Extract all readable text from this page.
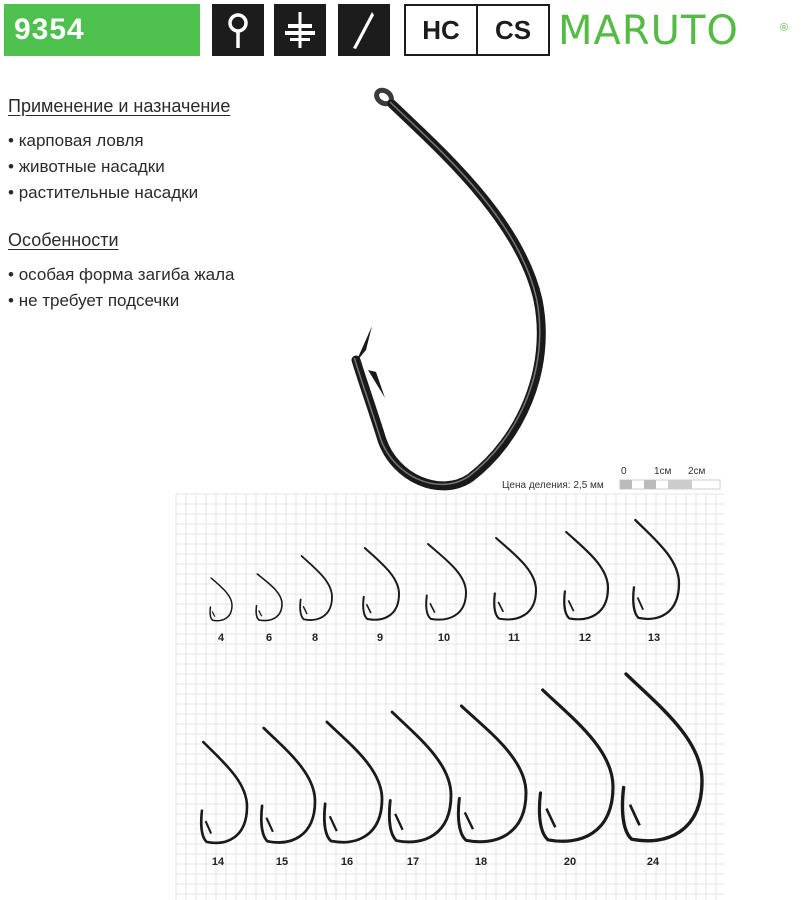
9354	HC	CS MARUTO	®
Применение и назначение
• карповая ловля
• животные насадки
• растительные насадки
Особенности
• особая форма загиба жала
• не требует подсечки
0	1см 2см
Цена деления: 2,5 мм
4	6	8	9	10	11	12	13
14	15	16	17	18	20	24
